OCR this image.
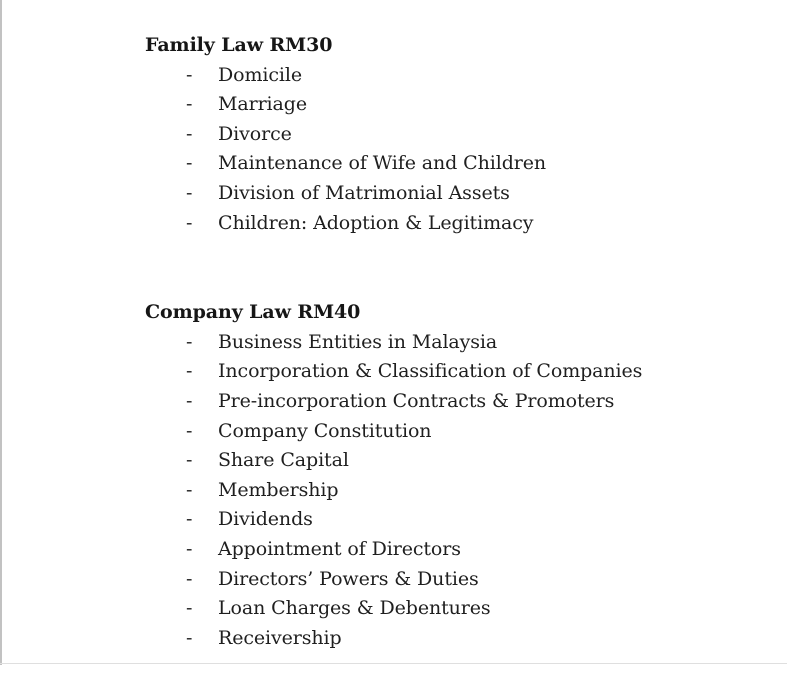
Family Law RM30
- Domicile
- Marriage
- Divorce
- Maintenance of Wife and Children
- Division of Matrimonial Assets
- Children: Adoption & Legitimacy
Company Law RM40
- Business Entities in Malaysia
- Incorporation & Classification of Companies
- Pre-incorporation Contracts & Promoters
- Company Constitution
- Share Capital
- Membership
- Dividends
- Appointment of Directors
- Directors’ Powers & Duties
- Loan Charges & Debentures
- Receivership
